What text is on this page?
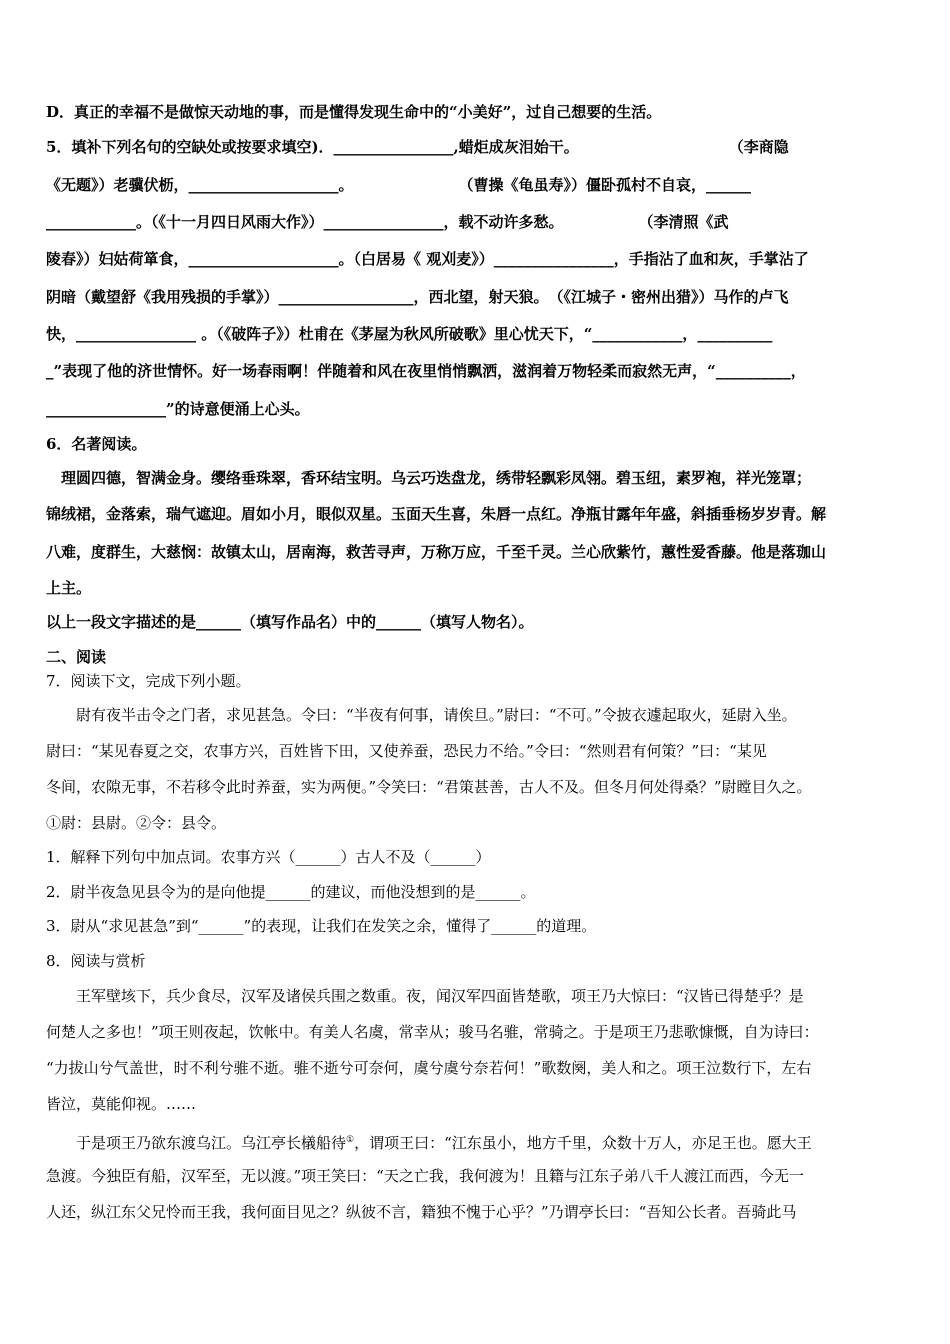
D．真正的幸福不是做惊天动地的事，而是懂得发现生命中的“小美好”，过自己想要的生活。
5．填补下列名句的空缺处或按要求填空)．________________,蜡炬成灰泪始干。　　　　　　　　　　　（李商隐
《无题》）老骥伏枥，____________________。　　　　　　　　（曹操《龟虽寿》）僵卧孤村不自哀，______
____________。（《十一月四日风雨大作》）________________，载不动许多愁。　　　　　　（李清照《武
陵春》）妇姑荷箪食，____________________。（白居易《 观刈麦》）________________，手指沾了血和灰，手掌沾了
阴暗（戴望舒《我用残损的手掌》）__________________，西北望，射天狼。　（《江城子・密州出猎》）马作的卢飞
快，________________ 。（《破阵子》）杜甫在《茅屋为秋风所破歌》里心忧天下，“____________，__________
_”表现了他的济世情怀。好一场春雨啊！伴随着和风在夜里悄悄飘洒，滋润着万物轻柔而寂然无声，“__________，
________________”的诗意便涌上心头。
6．名著阅读。
　理圆四德，智满金身。缨络垂珠翠，香环结宝明。乌云巧迭盘龙，绣带轻飘彩凤翎。碧玉纽，素罗袍，祥光笼罩；
锦绒裙，金落索，瑞气遮迎。眉如小月，眼似双星。玉面天生喜，朱唇一点红。净瓶甘露年年盛，斜插垂杨岁岁青。解
八难，度群生，大慈悯：故镇太山，居南海，救苦寻声，万称万应，千至千灵。兰心欣紫竹，蕙性爱香藤。他是落珈山
上主。
以上一段文字描述的是______（填写作品名）中的______（填写人物名）。
二、阅读
7．阅读下文，完成下列小题。
　　尉有夜半击令之门者，求见甚急。令曰：“半夜有何事，请俟旦。”尉曰：“不可。”令披衣遽起取火，延尉入坐。
尉曰：“某见春夏之交，农事方兴，百姓皆下田，又使养蚕，恐民力不给。”令曰：“然则君有何策？”曰：“某见
冬间，农隙无事，不若移令此时养蚕，实为两便。”令笑曰：“君策甚善，古人不及。但冬月何处得桑？”尉瞠目久之。
①尉：县尉。②令：县令。
1．解释下列句中加点词。农事方兴（______）古人不及（______）
2．尉半夜急见县令为的是向他提______的建议，而他没想到的是______。
3．尉从“求见甚急”到“______”的表现，让我们在发笑之余，懂得了______的道理。
8．阅读与赏析
　　王军壁垓下，兵少食尽，汉军及诸侯兵围之数重。夜，闻汉军四面皆楚歌，项王乃大惊曰：“汉皆已得楚乎？是
何楚人之多也！”项王则夜起，饮帐中。有美人名虞，常幸从；骏马名骓，常骑之。于是项王乃悲歌慷慨，自为诗曰：
“力拔山兮气盖世，时不利兮骓不逝。骓不逝兮可奈何，虞兮虞兮奈若何！”歌数阕，美人和之。项王泣数行下，左右
皆泣，莫能仰视。……
　　于是项王乃欲东渡乌江。乌江亭长檥船待①，谓项王曰：“江东虽小，地方千里，众数十万人，亦足王也。愿大王
急渡。今独臣有船，汉军至，无以渡。”项王笑曰：“天之亡我，我何渡为！且籍与江东子弟八千人渡江而西，今无一
人还，纵江东父兄怜而王我，我何面目见之？纵彼不言，籍独不愧于心乎？”乃谓亭长曰：“吾知公长者。吾骑此马
